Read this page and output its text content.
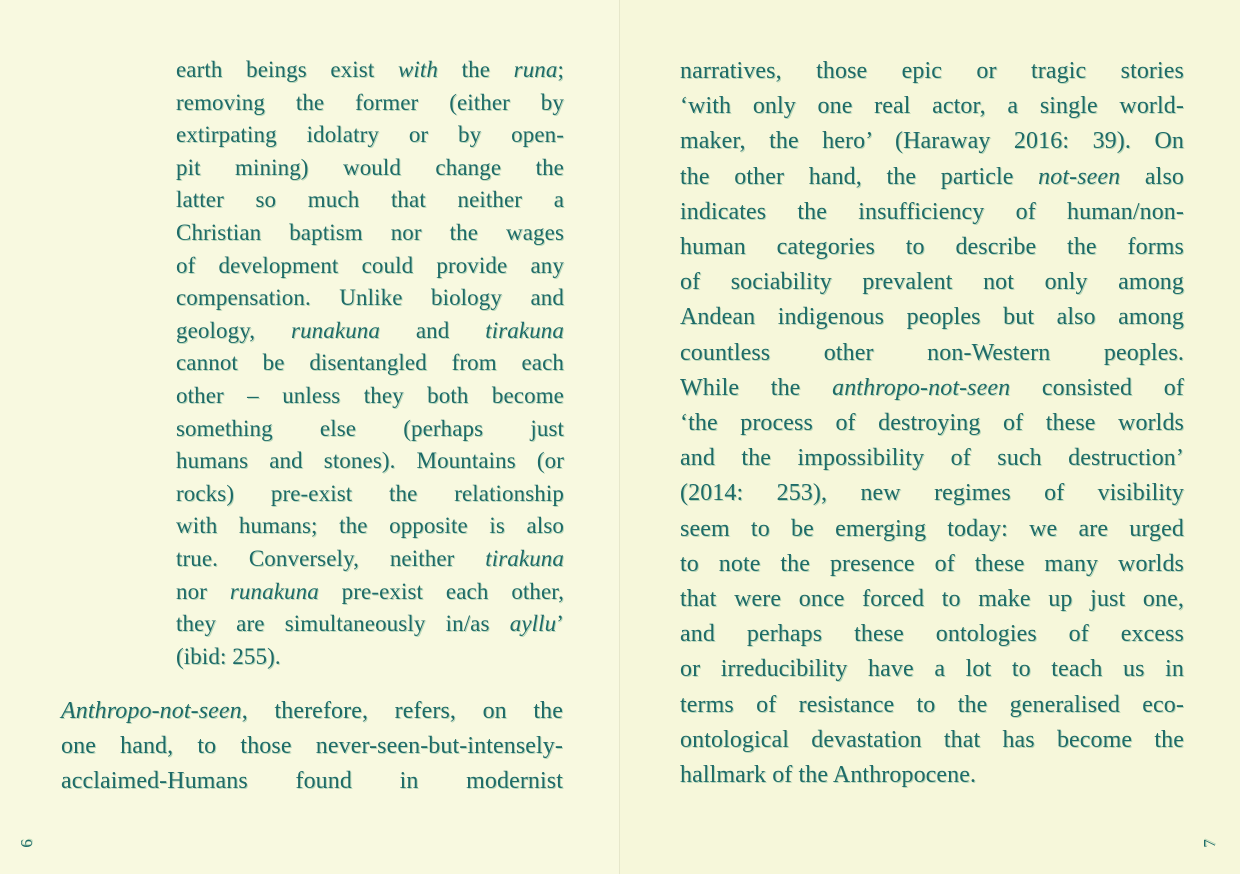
earth beings exist with the runa;
removing the former (either by
extirpating idolatry or by open-
pit mining) would change the
latter so much that neither a
Christian baptism nor the wages
of development could provide any
compensation. Unlike biology and
geology, runakuna and tirakuna
cannot be disentangled from each
other – unless they both become
something else (perhaps just
humans and stones). Mountains (or
rocks) pre-exist the relationship
with humans; the opposite is also
true. Conversely, neither tirakuna
nor runakuna pre-exist each other,
they are simultaneously in/as ayllu’
(ibid: 255).
Anthropo-not-seen, therefore, refers, on the
one hand, to those never-seen-but-intensely-
acclaimed-Humans found in modernist
6
narratives, those epic or tragic stories
‘with only one real actor, a single world-
maker, the hero’ (Haraway 2016: 39). On
the other hand, the particle not-seen also
indicates the insufficiency of human/non-
human categories to describe the forms
of sociability prevalent not only among
Andean indigenous peoples but also among
countless other non-Western peoples.
While the anthropo-not-seen consisted of
‘the process of destroying of these worlds
and the impossibility of such destruction’
(2014: 253), new regimes of visibility
seem to be emerging today: we are urged
to note the presence of these many worlds
that were once forced to make up just one,
and perhaps these ontologies of excess
or irreducibility have a lot to teach us in
terms of resistance to the generalised eco-
ontological devastation that has become the
hallmark of the Anthropocene.
7
